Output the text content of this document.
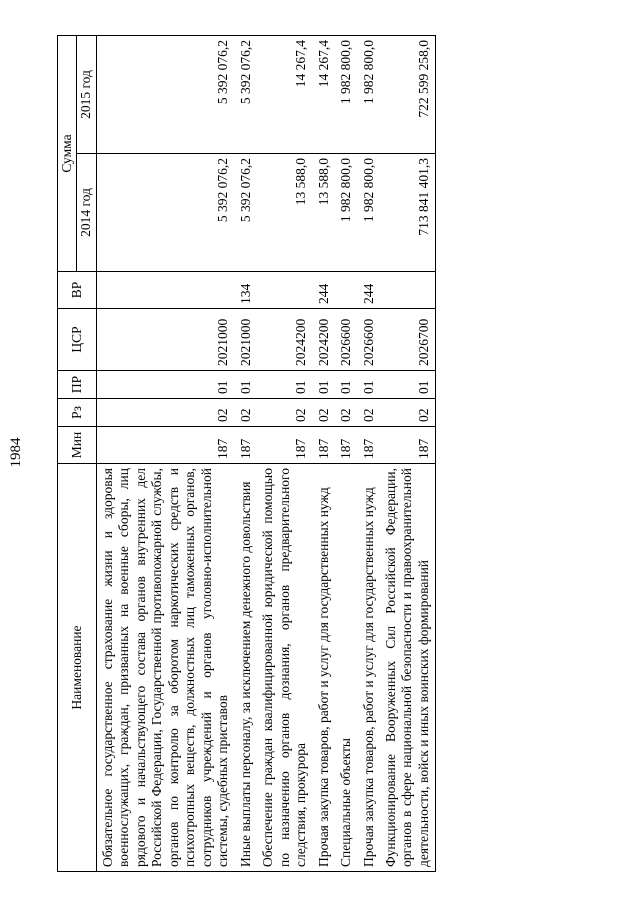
1984
Наименование	Мин	Рз	ПР	ЦСР	ВР	Сумма	
						2014 год	2015 год
Обязательное государственное страхование жизни и здоровья военнослужащих, граждан, призванных на военные сборы, лиц рядового и начальствующего состава органов внутренних дел Российской Федерации, Государственной противопожарной службы, органов по контролю за оборотом наркотических средств и психотропных веществ, должностных лиц таможенных органов, сотрудников учреждений и органов уголовно-исполнительной системы, судебных приставов	187	02	01	2021000		5 392 076,2	5 392 076,2
Иные выплаты персоналу, за исключением денежного довольствия	187	02	01	2021000	134	5 392 076,2	5 392 076,2
Обеспечение граждан квалифицированной юридической помощью по назначению органов дознания, органов предварительного следствия, прокурора	187	02	01	2024200		13 588,0	14 267,4
Прочая закупка товаров, работ и услуг для государственных нужд	187	02	01	2024200	244	13 588,0	14 267,4
Специальные объекты	187	02	01	2026600		1 982 800,0	1 982 800,0
Прочая закупка товаров, работ и услуг для государственных нужд	187	02	01	2026600	244	1 982 800,0	1 982 800,0
Функционирование Вооруженных Сил Российской Федерации, органов в сфере национальной безопасности и правоохранительной деятельности, войск и иных воинских формирований	187	02	01	2026700		713 841 401,3	722 599 258,0
